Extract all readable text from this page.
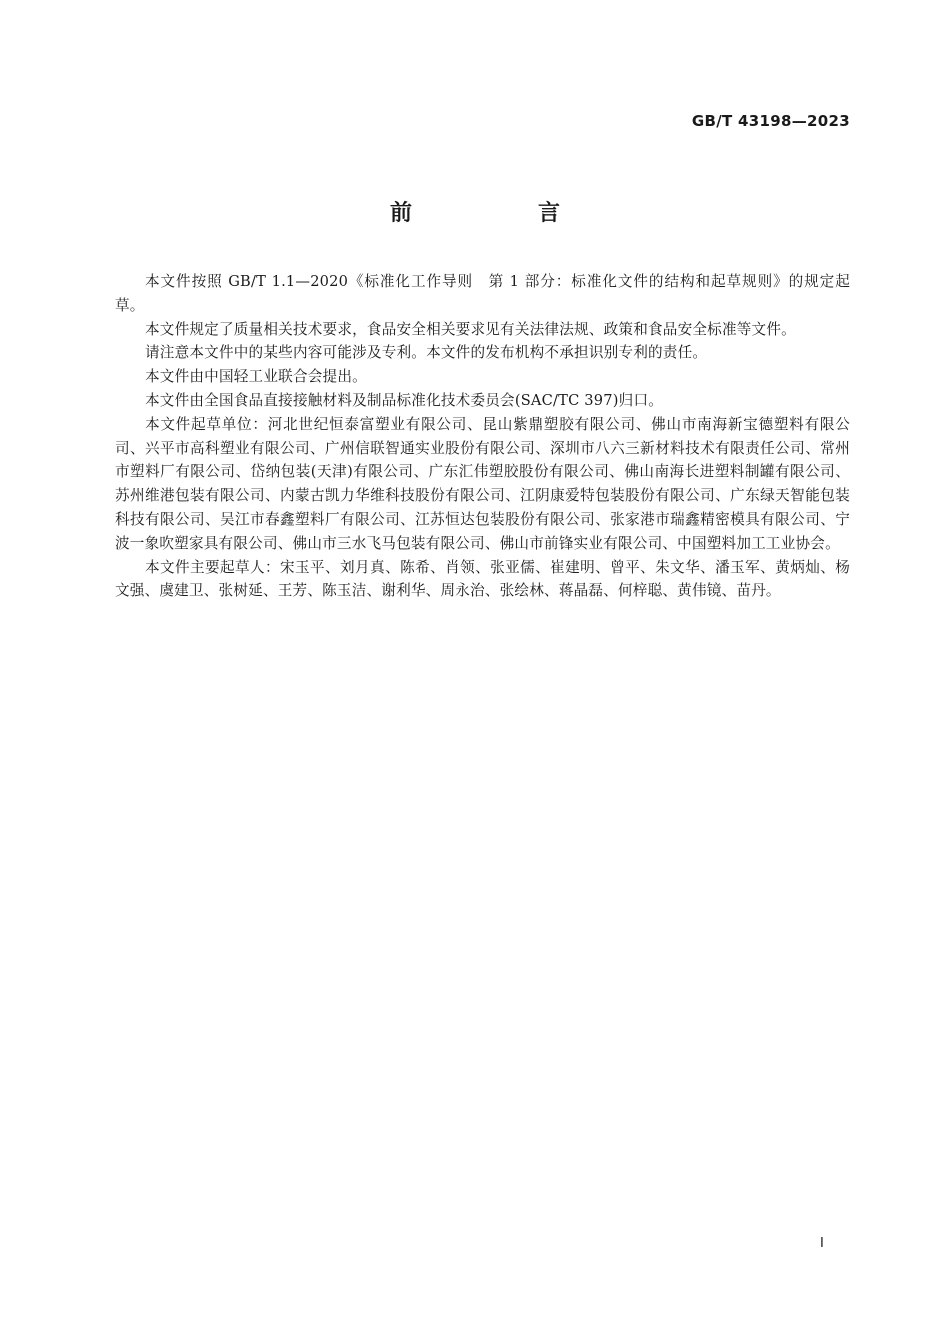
GB/T 43198—2023
前　言

本文件按照 GB/T 1.1—2020《标准化工作导则　第 1 部分：标准化文件的结构和起草规则》的规定起草。

本文件规定了质量相关技术要求，食品安全相关要求见有关法律法规、政策和食品安全标准等文件。

请注意本文件中的某些内容可能涉及专利。本文件的发布机构不承担识别专利的责任。

本文件由中国轻工业联合会提出。

本文件由全国食品直接接触材料及制品标准化技术委员会(SAC/TC 397)归口。

本文件起草单位：河北世纪恒泰富塑业有限公司、昆山紫鼎塑胶有限公司、佛山市南海新宝德塑料有限公司、兴平市高科塑业有限公司、广州信联智通实业股份有限公司、深圳市八六三新材料技术有限责任公司、常州市塑料厂有限公司、岱纳包装(天津)有限公司、广东汇伟塑胶股份有限公司、佛山南海长进塑料制罐有限公司、苏州维港包装有限公司、内蒙古凯力华维科技股份有限公司、江阴康爱特包装股份有限公司、广东绿天智能包装科技有限公司、吴江市春鑫塑料厂有限公司、江苏恒达包装股份有限公司、张家港市瑞鑫精密模具有限公司、宁波一象吹塑家具有限公司、佛山市三水飞马包装有限公司、佛山市前锋实业有限公司、中国塑料加工工业协会。

本文件主要起草人：宋玉平、刘月真、陈希、肖领、张亚儒、崔建明、曾平、朱文华、潘玉军、黄炳灿、杨文强、虞建卫、张树延、王芳、陈玉洁、谢利华、周永治、张绘林、蒋晶磊、何梓聪、黄伟镜、苗丹。

I
